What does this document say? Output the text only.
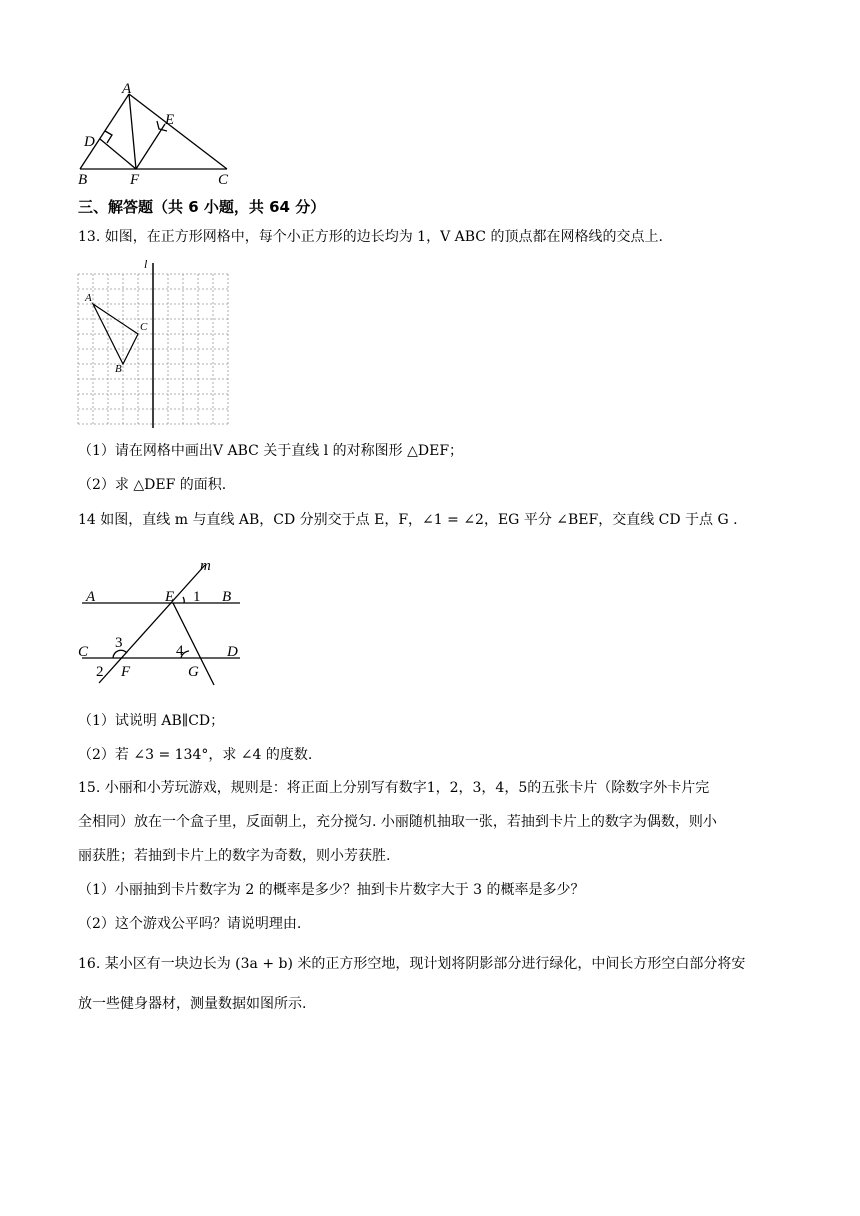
A
D
E
B	F	C
三、解答题（共 6 小题，共 64 分）
13. 如图，在正方形网格中，每个小正方形的边长均为 1，V ABC 的顶点都在网格线的交点上.
l
A
B
C
（1）请在网格中画出V ABC 关于直线 l 的对称图形 △DEF；
（2）求 △DEF 的面积.
14 如图，直线 m 与直线 AB，CD 分别交于点 E，F，∠1 = ∠2，EG 平分 ∠BEF，交直线 CD 于点 G .
m
A	E 1 B
C
3	4	D
2 F	G
（1）试说明 AB∥CD；
（2）若 ∠3 = 134°，求 ∠4 的度数.
15. 小丽和小芳玩游戏，规则是：将正面上分别写有数字1，2，3，4，5的五张卡片（除数字外卡片完
全相同）放在一个盒子里，反面朝上，充分搅匀. 小丽随机抽取一张，若抽到卡片上的数字为偶数，则小
丽获胜；若抽到卡片上的数字为奇数，则小芳获胜.
（1）小丽抽到卡片数字为 2 的概率是多少？抽到卡片数字大于 3 的概率是多少？
（2）这个游戏公平吗？请说明理由.
16. 某小区有一块边长为 (3a + b) 米的正方形空地，现计划将阴影部分进行绿化，中间长方形空白部分将安
放一些健身器材，测量数据如图所示.
